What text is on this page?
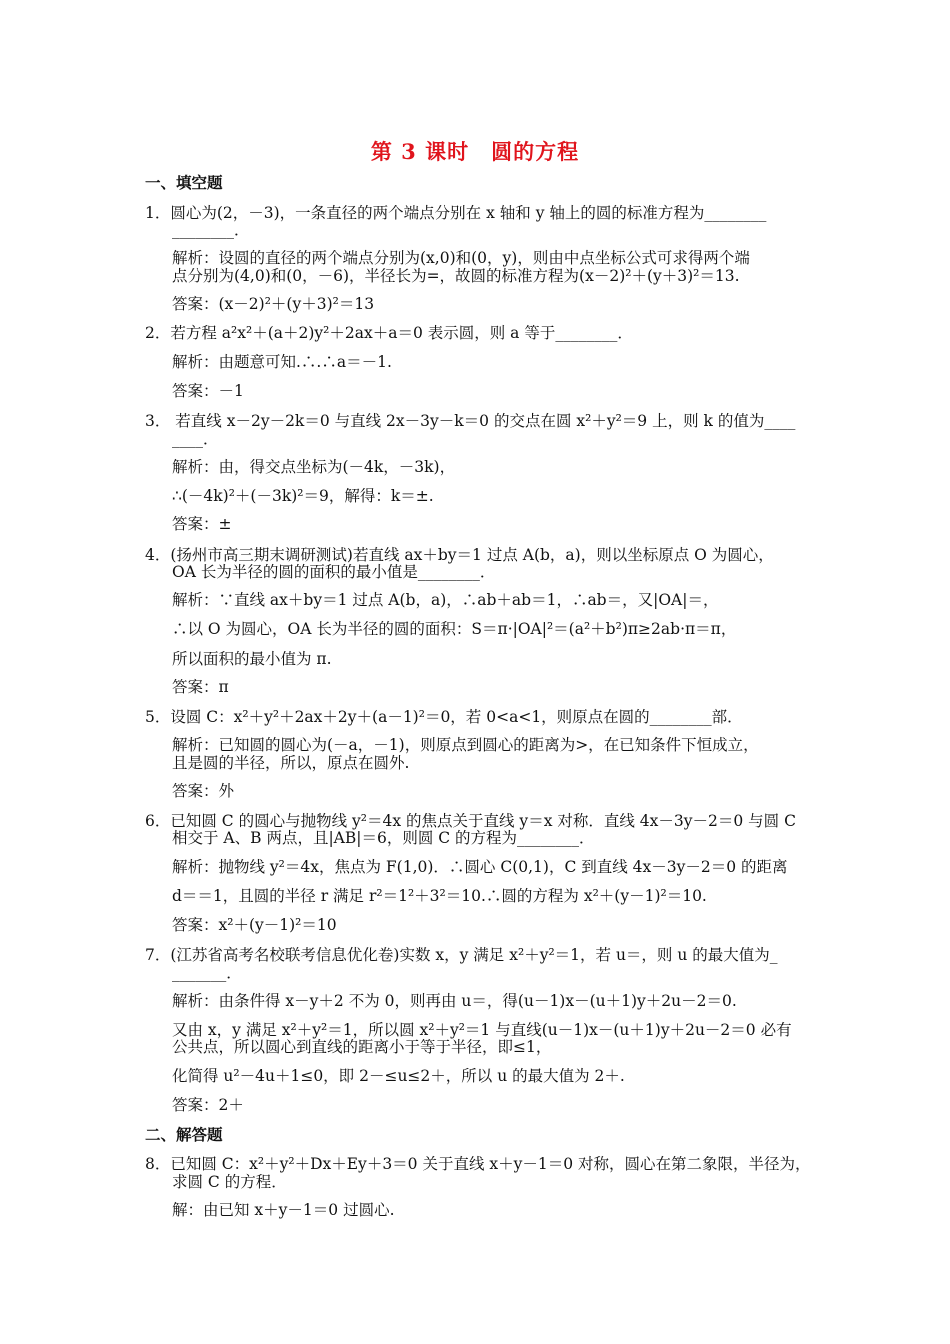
第 3 课时　圆的方程
一、填空题
1．圆心为(2，－3)，一条直径的两个端点分别在 x 轴和 y 轴上的圆的标准方程为________
________．
解析：设圆的直径的两个端点分别为(x,0)和(0，y)，则由中点坐标公式可求得两个端
点分别为(4,0)和(0，－6)，半径长为=，故圆的标准方程为(x－2)²＋(y＋3)²＝13.
答案：(x－2)²＋(y＋3)²＝13
2．若方程 a²x²＋(a＋2)y²＋2ax＋a＝0 表示圆，则 a 等于________．
解析：由题意可知.∴.∴a＝－1.
答案：－1
3． 若直线 x－2y－2k＝0 与直线 2x－3y－k＝0 的交点在圆 x²＋y²＝9 上，则 k 的值为____
____．
解析：由，得交点坐标为(－4k，－3k)，
∴(－4k)²＋(－3k)²＝9，解得：k＝±.
答案：±
4．(扬州市高三期末调研测试)若直线 ax＋by＝1 过点 A(b，a)，则以坐标原点 O 为圆心，
OA 长为半径的圆的面积的最小值是________．
解析：∵直线 ax＋by＝1 过点 A(b，a)，∴ab＋ab＝1，∴ab＝，又|OA|＝，
∴以 O 为圆心，OA 长为半径的圆的面积：S＝π·|OA|²＝(a²＋b²)π≥2ab·π＝π，
所以面积的最小值为 π.
答案：π
5．设圆 C：x²＋y²＋2ax＋2y＋(a－1)²＝0，若 0<a<1，则原点在圆的________部．
解析：已知圆的圆心为(－a，－1)，则原点到圆心的距离为>，在已知条件下恒成立，
且是圆的半径，所以，原点在圆外.
答案：外
6．已知圆 C 的圆心与抛物线 y²＝4x 的焦点关于直线 y＝x 对称．直线 4x－3y－2＝0 与圆 C
相交于 A、B 两点，且|AB|＝6，则圆 C 的方程为________．
解析：抛物线 y²＝4x，焦点为 F(1,0)．∴圆心 C(0,1)，C 到直线 4x－3y－2＝0 的距离
d＝＝1，且圆的半径 r 满足 r²＝1²＋3²＝10.∴圆的方程为 x²＋(y－1)²＝10.
答案：x²＋(y－1)²＝10
7．(江苏省高考名校联考信息优化卷)实数 x，y 满足 x²＋y²＝1，若 u＝，则 u 的最大值为_
_______．
解析：由条件得 x－y＋2 不为 0，则再由 u＝，得(u－1)x－(u＋1)y＋2u－2＝0.
又由 x，y 满足 x²＋y²＝1，所以圆 x²＋y²＝1 与直线(u－1)x－(u＋1)y＋2u－2＝0 必有
公共点，所以圆心到直线的距离小于等于半径，即≤1，
化简得 u²－4u＋1≤0，即 2－≤u≤2＋，所以 u 的最大值为 2＋.
答案：2＋
二、解答题
8．已知圆 C：x²＋y²＋Dx＋Ey＋3＝0 关于直线 x＋y－1＝0 对称，圆心在第二象限，半径为，
求圆 C 的方程．
解：由已知 x＋y－1＝0 过圆心.
